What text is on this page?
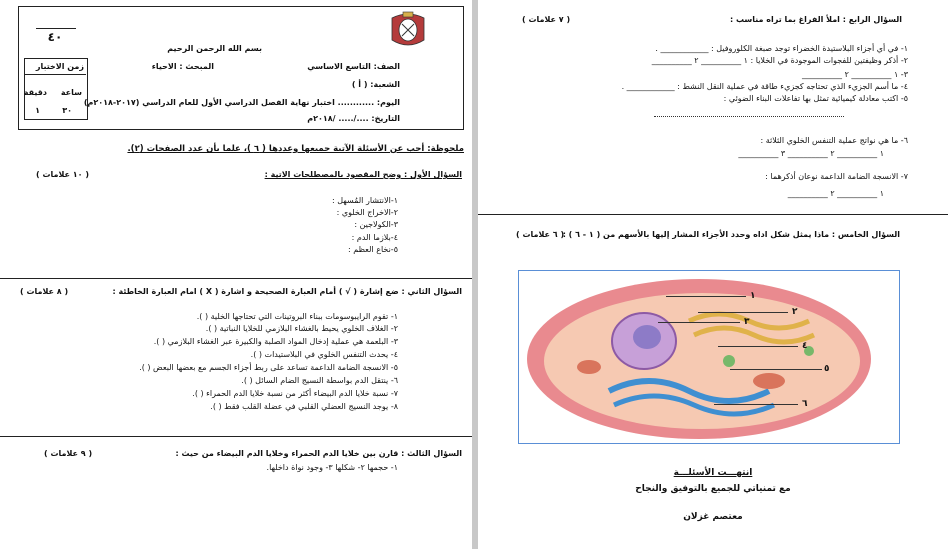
٤٠
زمن الاختبار
دقيقة ساعة
٣٠
١
بسم الله الرحمن الرحيم
الصف: التاسع الاساسي
المبحث : الاحياء
الشعبة: ( أ )
اليوم: ............ اختبار نهاية الفصل الدراسي الأول للعام الدراسي (٢٠١٧-٢٠١٨م)
التاريخ: ..../..... /٢٠١٨م
ملحوظة: أجب عن الأسئلة الآتية جميعها وعددها ( ٦ )، علما بأن عدد الصفحات (٢).
السؤال الأول : وضح المقصود بالمصطلحات الاتية :
( ١٠ علامات )
١-الانتشار المُسهل :
٢-الاخراج الخلوي :
٣-الكولاجين :
٤-بلازما الدم :
٥-نخاع العظم :
السؤال الثاني : ضع إشارة ( √ ) أمام العبارة الصحيحة و اشارة ( X ) امام العبارة الخاطئة :
( ٨ علامات )
١- تقوم الرايبوسومات ببناء البروتينات التي تحتاجها الخلية ( ).
٢- الغلاف الخلوي يحيط بالغشاء البلازمي للخلايا النباتية ( ).
٣- البلعمة هي عملية إدخال المواد الصلبة والكبيرة عبر الغشاء البلازمي ( ).
٤- يحدث التنفس الخلوي في البلاستيدات ( ).
٥- الانسجة الضامة الداعمة تساعد على ربط أجزاء الجسم مع بعضها البعض ( ).
٦- ينتقل الدم بواسطة النسيج الضام السائل ( ).
٧- نسبة خلايا الدم البيضاء أكثر من نسبة خلايا الدم الحمراء ( ).
٨- يوجد النسيج العضلي القلبي في عضلة القلب فقط ( ).
السؤال الثالث : قارن بين خلايا الدم الحمراء وخلايا الدم البيضاء من حيث :
( ٩ علامات )
١- حجمها ٢- شكلها ٣- وجود نواة داخلها.
السؤال الرابع : املأ الفراغ بما تراه مناسب :
( ٧ علامات )
١- في أي أجزاء البلاستيدة الخضراء توجد صبغة الكلوروفيل : ____________ .
٢- أذكر وظيفتين للفجوات الموجودة في الخلايا : ١ __________ ٢ __________
٣- ١ __________ ٢ __________
٤- ما أسم الجزيء الذي تحتاجه كجزيء طاقة في عملية النقل النشط : ____________ .
٥- اكتب معادلة كيميائية تمثل بها تفاعلات البناء الضوئي :
٦- ما هي نواتج عملية التنفس الخلوي الثلاثة :
١ __________ ٢ __________ ٣ __________
٧- الانسجة الضامة الداعمة نوعان أذكرهما :
١ __________ ٢ __________
السؤال الخامس : ماذا يمثل شكل اداه وحدد الأجزاء المشار إليها بالأسهم من ( ١ - ٦ ) :
( ٦ علامات )
١
٢
٣
٤
٥
٦
انتهـــت الأسئلـــة
مع تمنياتي للجميع بالتوفيق والنجاح
معتصم غزلان
